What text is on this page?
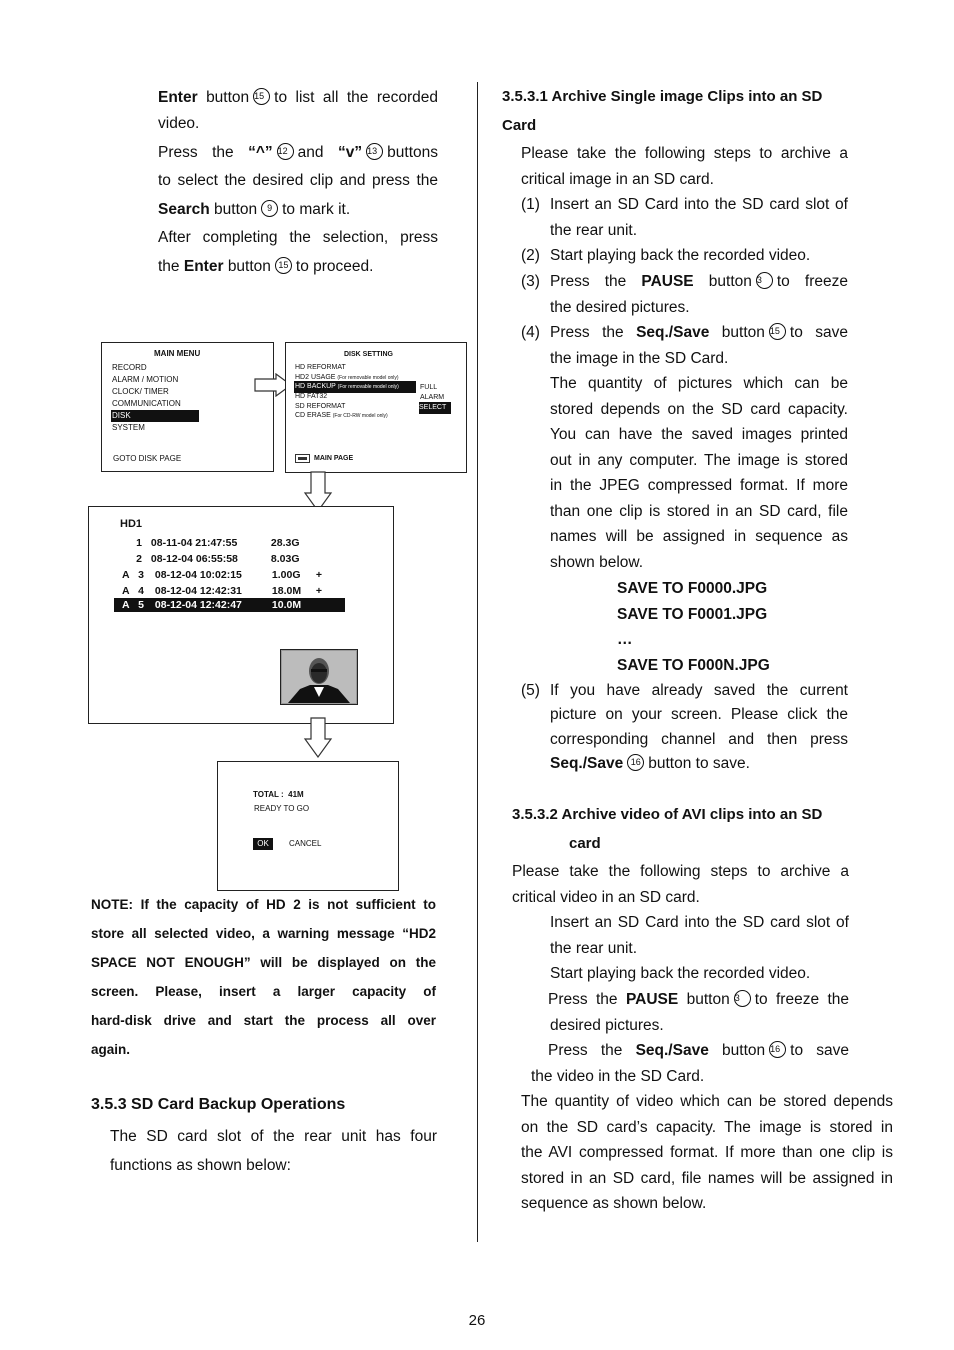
Enter button 15 to list all the recorded
video.
Press the “^” 12 and “v” 13 buttons
to select the desired clip and press the
Search button 9 to mark it.
After completing the selection, press
the Enter button 15 to proceed.
MAIN MENU
RECORD
ALARM / MOTION
CLOCK/ TIMER
COMMUNICATION
DISK
SYSTEM
GOTO DISK PAGE
DISK SETTING
HD REFORMAT
HD2 USAGE (For removable model only)
HD BACKUP (For removable model only)
HD FAT32
SD REFORMAT
CD ERASE (For CD-RW model only)
FULL
ALARM
SELECT
MAIN PAGE
HD1
1 08-11-04 21:47:55	28.3G
2 08-12-04 06:55:58	8.03G
A 3 08-12-04 10:02:15	1.00G +
A 4 08-12-04 12:42:31	18.0M +
A 5 08-12-04 12:42:47	10.0M
TOTAL : 41M
READY TO GO
OK	CANCEL
NOTE: If the capacity of HD 2 is not sufficient to
store all selected video, a warning message “HD2
SPACE NOT ENOUGH” will be displayed on the
screen. Please, insert a larger capacity of
hard-disk drive and start the process all over
again.
3.5.3 SD Card Backup Operations
The SD card slot of the rear unit has four
functions as shown below:
3.5.3.1 Archive Single image Clips into an SD
Card
Please take the following steps to archive a
critical image in an SD card.
(1) Insert an SD Card into the SD card slot of
the rear unit.
(2) Start playing back the recorded video.
(3) Press the PAUSE button 3 to freeze
the desired pictures.
(4) Press the Seq./Save button 15 to save
the image in the SD Card.
The quantity of pictures which can be
stored depends on the SD card capacity.
You can have the saved images printed
out in any computer. The image is stored
in the JPEG compressed format. If more
than one clip is stored in an SD card, file
names will be assigned in sequence as
shown below.
SAVE TO F0000.JPG
SAVE TO F0001.JPG
…
SAVE TO F000N.JPG
(5) If you have already saved the current
picture on your screen. Please click the
corresponding channel and then press
Seq./Save 16 button to save.
3.5.3.2 Archive video of AVI clips into an SD
card
Please take the following steps to archive a
critical video in an SD card.
Insert an SD Card into the SD card slot of
the rear unit.
Start playing back the recorded video.
Press the PAUSE button 3 to freeze the
desired pictures.
Press the Seq./Save button 16 to save
the video in the SD Card.
The quantity of video which can be stored depends
on the SD card’s capacity. The image is stored in
the AVI compressed format. If more than one clip is
stored in an SD card, file names will be assigned in
sequence as shown below.
26
